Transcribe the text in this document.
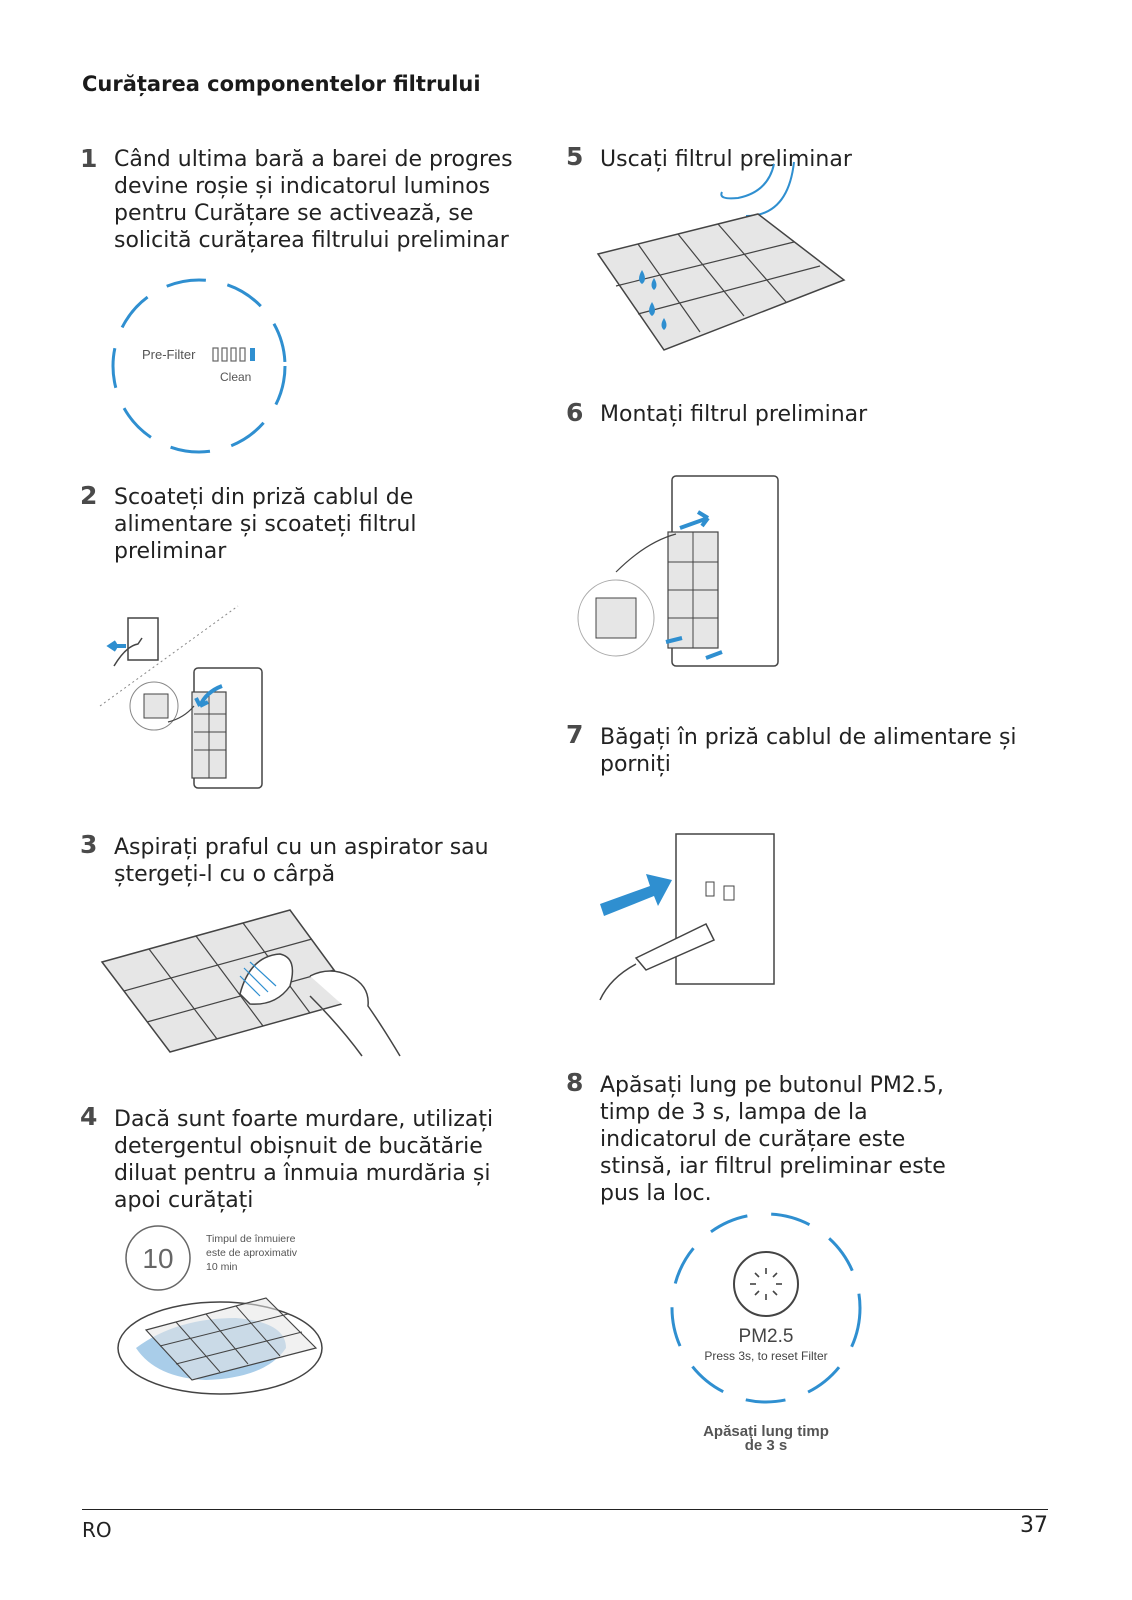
Curățarea componentelor filtrului
1 Când ultima bară a barei de progres devine roșie și indicatorul luminos pentru Curățare se activează, se solicită curățarea filtrului preliminar
Pre-Filter
Clean
2 Scoateți din priză cablul de alimentare și scoateți filtrul preliminar
3 Aspirați praful cu un aspirator sau ștergeți-l cu o cârpă
4 Dacă sunt foarte murdare, utilizați detergentul obișnuit de bucătărie diluat pentru a înmuia murdăria și apoi curățați
10
Timpul de înmuiere
este de aproximativ
10 min
5 Uscați filtrul preliminar
6 Montați filtrul preliminar
7 Băgați în priză cablul de alimentare și porniți
8 Apăsați lung pe butonul PM2.5, timp de 3 s, lampa de la indicatorul de curățare este stinsă, iar filtrul preliminar este pus la loc.
PM2.5
Press 3s, to reset Filter
Apăsați lung timp
de 3 s
RO	37
